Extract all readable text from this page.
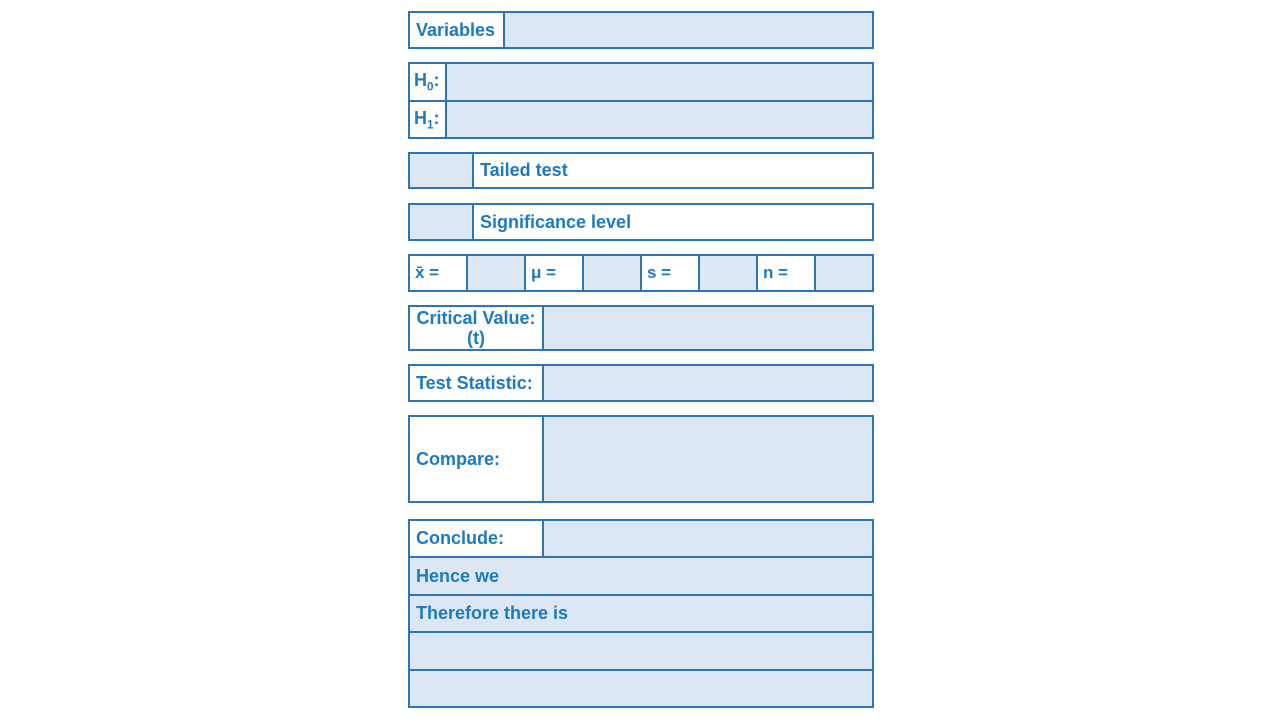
Variables
$H_0$:
$H_1$:
Tailed test
Significance level
x̄ =	μ =	s =	n =
Critical Value:
(t)
Test Statistic:
Compare:
Conclude:
Hence we
Therefore there is
